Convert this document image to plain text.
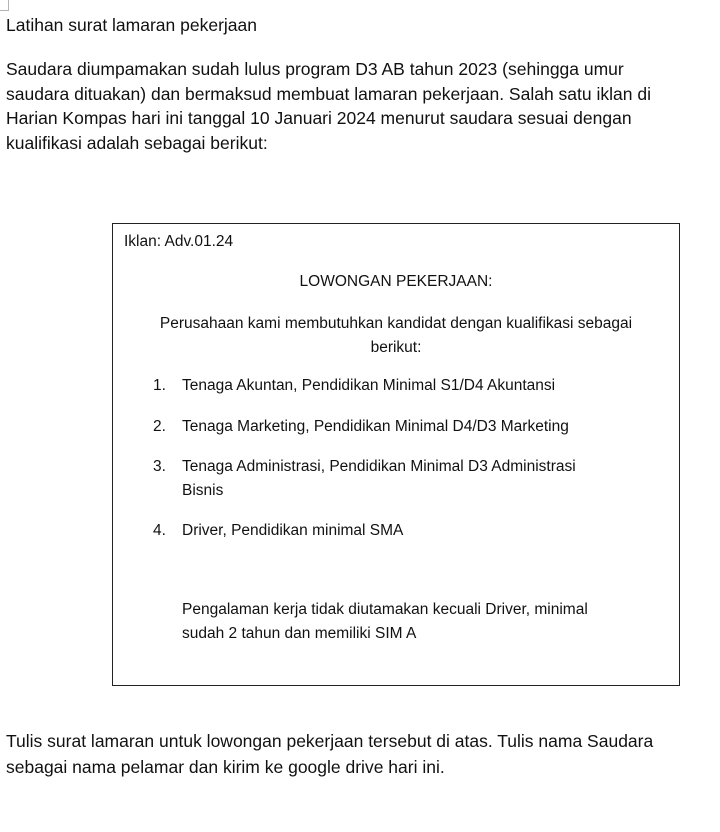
Latihan surat lamaran pekerjaan

Saudara diumpamakan sudah lulus program D3 AB tahun 2023 (sehingga umur

saudara dituakan) dan bermaksud membuat lamaran pekerjaan. Salah satu iklan di

Harian Kompas hari ini tanggal 10 Januari 2024 menurut saudara sesuai dengan

kualifikasi adalah sebagai berikut:

Iklan: Adv.01.24
LOWONGAN PEKERJAAN:

Perusahaan kami membutuhkan kandidat dengan kualifikasi sebagai

berikut:

1. Tenaga Akuntan, Pendidikan Minimal S1/D4 Akuntansi

2. Tenaga Marketing, Pendidikan Minimal D4/D3 Marketing

3. Tenaga Administrasi, Pendidikan Minimal D3 Administrasi

Bisnis

4. Driver, Pendidikan minimal SMA

Pengalaman kerja tidak diutamakan kecuali Driver, minimal

sudah 2 tahun dan memiliki SIM A

Tulis surat lamaran untuk lowongan pekerjaan tersebut di atas. Tulis nama Saudara

sebagai nama pelamar dan kirim ke google drive hari ini.
